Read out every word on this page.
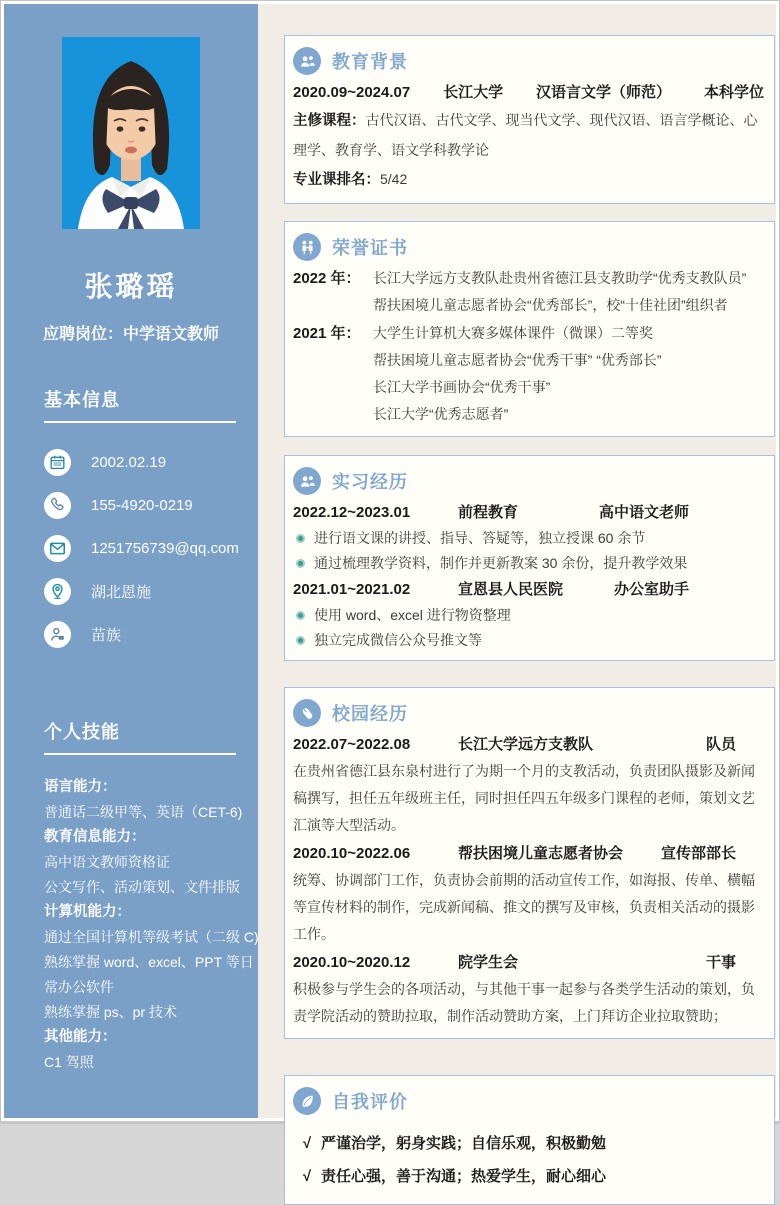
张璐瑶
应聘岗位：中学语文教师
基本信息
2002.02.19
155-4920-0219
1251756739@qq.com
湖北恩施
苗族
个人技能
语言能力：
普通话二级甲等、英语（CET-6)
教育信息能力：
高中语文教师资格证
公文写作、活动策划、文件排版
计算机能力：
通过全国计算机等级考试（二级 C)
熟练掌握 word、excel、PPT 等日
常办公软件
熟练掌握 ps、pr 技术
其他能力：
C1 驾照
教育背景
2020.09~2024.07 长江大学 汉语言文学（师范） 本科学位
主修课程：古代汉语、古代文学、现当代文学、现代汉语、语言学概论、心理学、教育学、语文学科教学论
专业课排名：5/42
荣誉证书
2022 年： 长江大学远方支教队赴贵州省德江县支教助学“优秀支教队员”
帮扶困境儿童志愿者协会“优秀部长”，校“十佳社团”组织者
2021 年： 大学生计算机大赛多媒体课件（微课）二等奖
帮扶困境儿童志愿者协会“优秀干事” “优秀部长”
长江大学书画协会“优秀干事”
长江大学“优秀志愿者”
实习经历
2022.12~2023.01	前程教育	高中语文老师
进行语文课的讲授、指导、答疑等，独立授课 60 余节
通过梳理教学资料，制作并更新教案 30 余份，提升教学效果
2021.01~2021.02	宣恩县人民医院	办公室助手
使用 word、excel 进行物资整理
独立完成微信公众号推文等
校园经历
2022.07~2022.08	长江大学远方支教队	队员
在贵州省德江县东泉村进行了为期一个月的支教活动，负责团队摄影及新闻稿撰写，担任五年级班主任，同时担任四五年级多门课程的老师，策划文艺汇演等大型活动。
2020.10~2022.06	帮扶困境儿童志愿者协会	宣传部部长
统筹、协调部门工作，负责协会前期的活动宣传工作，如海报、传单、横幅等宣传材料的制作，完成新闻稿、推文的撰写及审核，负责相关活动的摄影工作。
2020.10~2020.12	院学生会	干事
积极参与学生会的各项活动，与其他干事一起参与各类学生活动的策划，负责学院活动的赞助拉取，制作活动赞助方案，上门拜访企业拉取赞助；
自我评价
√ 严谨治学，躬身实践；自信乐观，积极勤勉
√ 责任心强，善于沟通；热爱学生，耐心细心
